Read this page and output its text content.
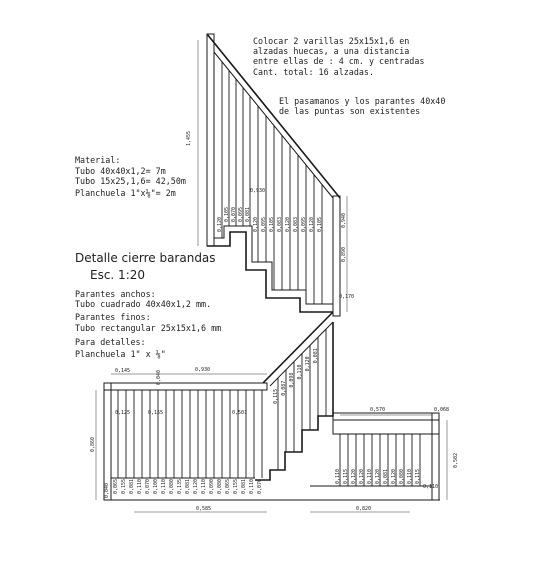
Colocar 2 varillas 25x15x1,6 en
alzadas huecas, a una distancia
entre ellas de : 4 cm. y centradas
Cant. total: 16 alzadas.
El pasamanos y los parantes 40x40
de las puntas son existentes
Material:
Tubo 40x40x1,2= 7m
Tubo 15x25,1,6= 42,50m
Planchuela 1"x⅛"= 2m
Detalle cierre barandas
Esc. 1:20
Parantes anchos:
Tubo cuadrado 40x40x1,2 mm.
Parantes finos:
Tubo rectangular 25x15x1,6 mm
Para detalles:
Planchuela 1" x ⅛"
0,120
0,105 0,070 0,095 0,081
0,120 0,095 0,105 0,083 0,120 0,083 0,095 0,120 0,105
1,455
0,930
0,940
0,890
0,170
0,115
0,087
0,098
0,110
0,120
0,081
0,065 0,155 0,081 0,110 0,070 0,100 0,110 0,080 0,135 0,081 0,120 0,110 0,090 0,080 0,065 0,155 0,081 0,110 0,070
0,110 0,115 0,120 0,120 0,110 0,120 0,081 0,120 0,080 0,110 0,115
0,145	0,040	0,930
0,125	0,155	0,501
0,860
0,040
0,585	0,820
0,570	0,068
0,502
0,110
